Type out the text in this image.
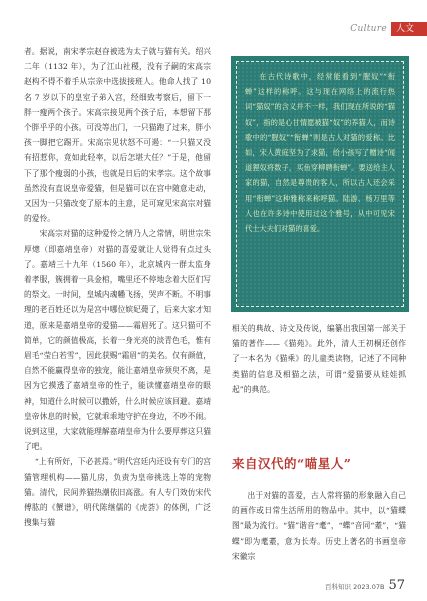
Culture	人文

者。据说，南宋孝宗赵昚被选为太子就与猫有关。绍兴二年（1132 年），为了江山社稷，没有子嗣的宋高宗赵构不得不着手从宗亲中选拔接班人。他命人找了 10 名 7 岁以下的皇室子弟入宫，经细致考察后，留下一胖一瘦两个孩子。宋高宗接见两个孩子后，本想留下那个胖乎乎的小孩。可没等出门，一只猫跑了过来，胖小孩一脚把它踢开。宋高宗见状怒不可遏：“一只猫又没有招惹你，竟如此轻率，以后怎堪大任？”于是，他留下了那个瘦弱的小孩，也就是日后的宋孝宗。这个故事虽然没有直说皇帝爱猫，但是猫可以在宫中随意走动，又因为一只猫改变了原本的主意，足可窥见宋高宗对猫的爱怜。

宋高宗对猫的这种爱怜之情乃人之常情，明世宗朱厚熜（即嘉靖皇帝）对猫的喜爱就让人觉得有点过头了。嘉靖三十九年（1560 年），北京城内一群太监身着孝服，簇拥着一具金棺，嘴里还不停地念着大臣们写的祭文。一时间，皇城内魂幡飞扬，哭声不断。不明事理的老百姓还以为是宫中哪位嫔妃薨了，后来大家才知道，原来是嘉靖皇帝的爱猫——霜眉死了。这只猫可不简单，它的颜值极高，长着一身光亮的淡青色毛，惟有眉毛“莹白若雪”，因此获赐“霜眉”的美名。仅有颜值，自然不能赢得皇帝的独宠，能让嘉靖皇帝须臾不离，是因为它摸透了嘉靖皇帝的性子，能读懂嘉靖皇帝的眼神，知道什么时候可以撒娇，什么时候应该回避。嘉靖皇帝休息的时候，它就乖乖地守护在身边，不吵不闹。说到这里，大家就能理解嘉靖皇帝为什么要厚葬这只猫了吧。

“上有所好，下必甚焉。”明代宫廷内还设有专门的宫猫管理机构——猫儿房，负责为皇帝挑选上等的宠物猫。清代，民间养猫热潮依旧高涨。有人专门效仿宋代傅肱的《蟹谱》，明代陈继儒的《虎荟》的体例，广泛搜集与猫

在古代诗歌中，经常能看到“腥奴”“衔蝉”这样的称呼。这与现在网络上的流行热词“猫奴”的含义并不一样，我们现在所说的“猫奴”，指的是心甘情愿被猫“奴”的养猫人，而诗歌中的“腥奴”“衔蝉”则是古人对猫的爱称。比如，宋人黄庭坚为了求猫，给小孩写了赠诗“闻道狸奴将数子，买鱼穿柳聘衔蝉”。要送给主人家的猫，自然是尊贵的客人，所以古人还会采用“衔蝉”这种雅称来称呼猫。陆游、杨万里等人也在许多诗中使用过这个雅号，从中可见宋代士大夫们对猫的喜爱。

相关的典故、诗文及传说，编纂出我国第一部关于猫的著作——《猫苑》。此外，清人王初桐还创作了一本名为《猫乘》的儿童类读物，记述了不同种类猫的信息及相猫之法，可谓“爱猫要从娃娃抓起”的典范。

来自汉代的“喵星人”

出于对猫的喜爱，古人常将猫的形象融入自己的画作或日常生活所用的物品中。其中，以“猫蝶图”最为流行。“猫”谐音“耄”，“蝶”音同“耋”，“猫蝶”即为耄耋，意为长寿。历史上著名的书画皇帝宋徽宗

百科知识 2023.07B 57
